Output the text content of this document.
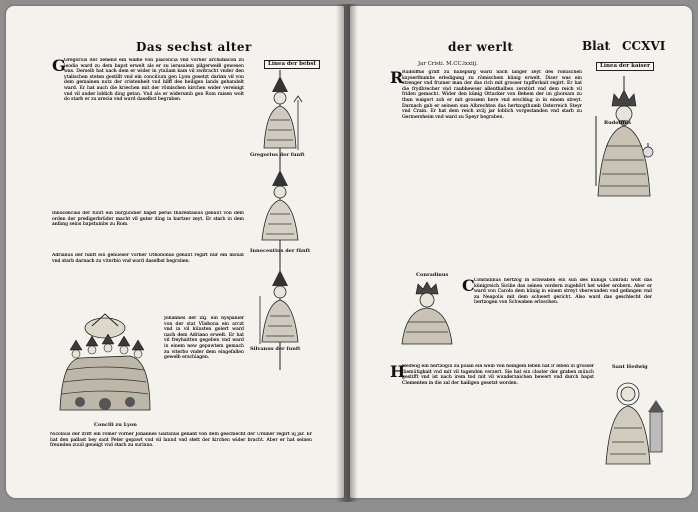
Das sechst alter
Linea der bebst
G
Gregorius der zehend ein walhe von placencia vnd vorher archidiacon zu leodio ward zu dem bapst erwelt als er zu ierusalem pilgerweiß gewesen was. Derselb hat nach dem er wider in ytaliam kam vil zwitracht vnder den ytalischen steten gestillt vnd ein concilium gen Lyon gesetzt darinn vil von dem gemainen nutz der cristenheit vnd hilff des heiligen lands gehandelt ward. Er hat auch die kriechen mit der römischen kirchen wider vereinigt vnd vil ander loblich ding getan. Vnd als er widerumb gen Rom raisen wolt do starb er zu arecia vnd ward daselbst begraben.
Innocencius der funft ein burgundier bapst perus tharentasius genant von dem orden der predigerbrüder macht vil guter ding in kurtzer zeyt. Er starb in dem anfang seins bapstumbs zu Rom.
Adrianus der funft ein genueser vorher Othobonus genant regirt nur ein monat vnd starb darnach zu viterbio vnd ward daselbst begraben.
Gregorius der funft
Innocentius der fünft
Silvanus der funft
Concili zu Lyon
Johannes der xxj. ein hyspanier von der stat Vlisbona ein arczt vnd in vil künsten gelert ward nach dem Adriano erwelt. Er hat vil freyhaitten gegeben vnd ward in einem new gepawtem gemach zu viterbo vnder dem eingefallen gewelb erschlagen.
Nicolaus der dritt ein römer vorher Johannes Gaitanus genant von dem geschlecht der Ursiner regirt iij jar. Er hat den pallast bey sant Peter gepawt vnd vil lannd vnd stett der kirchen wider bracht. Aber er hat seinen freunden zuuil geneigt vnd starb zu suriano.
der werlt	Blat CCXVI
Linea der kaiser
Jar Cristi. M.CC.lxxiij.
R
Rudolffus graff zu habspurg ward nach langer zeyt des römischen kayserthumbs erledigung zu römischem künig erwelt. Diser was ein strenger vnd frumer man der das rich mit grosser tapfferkait regirt. Er hat die frydbrecher vnd raubhewser allenthalben zerstört vnd dem reich vil friden gemacht. Wider den künig Ottacker von Behem der im ghorsam zu thun waigert zoh er mit grossem here vnd erschlug in in einem streyt. Darnach gab er seinem sun Albrechten das hertzogthumb Osterreich Steyr vnd Crain. Er hat dem reich xviij jar loblich vorgestanden vnd starb zu Germersheim vnd ward zu Speyr begraben.
Rudolffus
Conradinus
C Conradinus hertzog in schwaben ein sun des künigs Conradi wolt das künigreich Sicilie das seinen vordern zugehört het wider erobern. Aber er ward von Carolo dem künig in einem streyt vberwunden vnd gefangen vnd zu Neapolis mit dem schwert gericht. Also ward das geschlecht der hertzogen von Schwaben erloschen.
H
Hedwig ein hertzogin zu polan ein weib von heiligem leben hat ir leben in grosser diemütigkait vnd mit vil tugenden verzert. Sie hat ein closter der graben münch gestifft vnd ist nach irem tod mit vil wunderzaichen bewert vnd durch bapst Clementen in die zal der hailigen gesetzt worden.
Sant Hedwig
